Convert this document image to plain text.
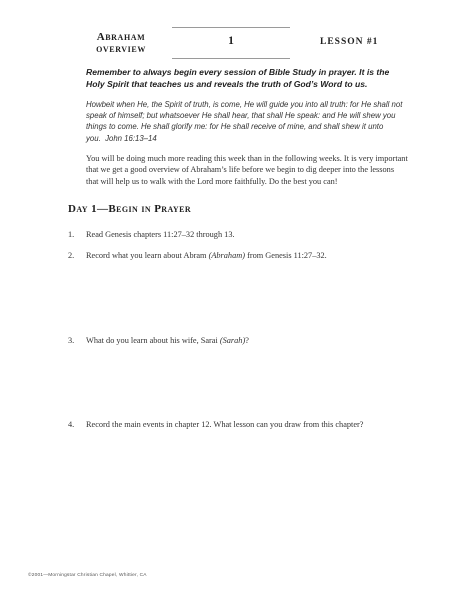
Abraham
overview
1	LESSON #1
Remember to always begin every session of Bible Study in prayer. It is the Holy Spirit that teaches us and reveals the truth of God’s Word to us.
Howbeit when He, the Spirit of truth, is come, He will guide you into all truth: for He shall not speak of himself; but whatsoever He shall hear, that shall He speak: and He will shew you things to come. He shall glorify me: for He shall receive of mine, and shall shew it unto you. John 16:13–14
You will be doing much more reading this week than in the following weeks. It is very important that we get a good overview of Abraham’s life before we begin to dig deeper into the lessons that will help us to walk with the Lord more faithfully. Do the best you can!
Day 1—Begin in Prayer
1. Read Genesis chapters 11:27–32 through 13.
2. Record what you learn about Abram (Abraham) from Genesis 11:27–32.
3. What do you learn about his wife, Sarai (Sarah)?
4. Record the main events in chapter 12. What lesson can you draw from this chapter?
©2001—Morningstar Christian Chapel, Whittier, CA
